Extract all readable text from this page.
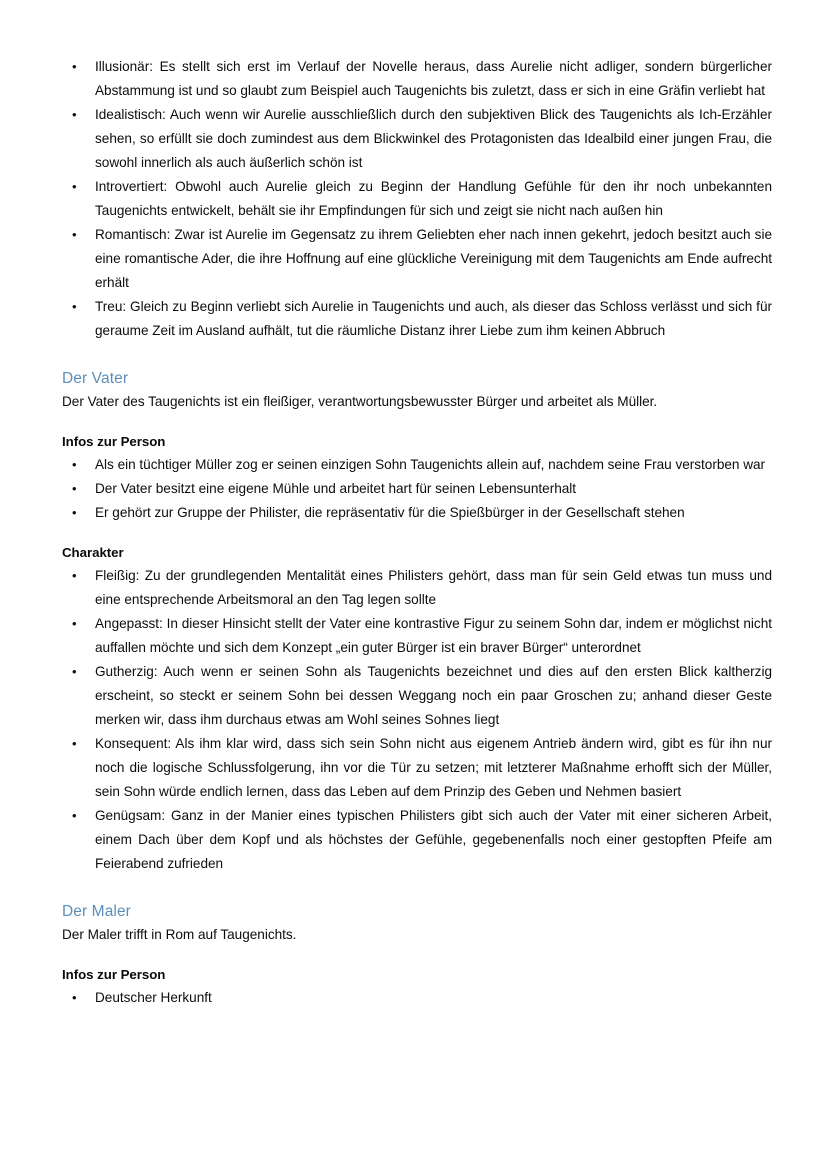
• Illusionär: Es stellt sich erst im Verlauf der Novelle heraus, dass Aurelie nicht adliger, sondern bürgerlicher Abstammung ist und so glaubt zum Beispiel auch Taugenichts bis zuletzt, dass er sich in eine Gräfin verliebt hat
• Idealistisch: Auch wenn wir Aurelie ausschließlich durch den subjektiven Blick des Taugenichts als Ich-Erzähler sehen, so erfüllt sie doch zumindest aus dem Blickwinkel des Protagonisten das Idealbild einer jungen Frau, die sowohl innerlich als auch äußerlich schön ist
• Introvertiert: Obwohl auch Aurelie gleich zu Beginn der Handlung Gefühle für den ihr noch unbekannten Taugenichts entwickelt, behält sie ihr Empfindungen für sich und zeigt sie nicht nach außen hin
• Romantisch: Zwar ist Aurelie im Gegensatz zu ihrem Geliebten eher nach innen gekehrt, jedoch besitzt auch sie eine romantische Ader, die ihre Hoffnung auf eine glückliche Vereinigung mit dem Taugenichts am Ende aufrecht erhält
• Treu: Gleich zu Beginn verliebt sich Aurelie in Taugenichts und auch, als dieser das Schloss verlässt und sich für geraume Zeit im Ausland aufhält, tut die räumliche Distanz ihrer Liebe zum ihm keinen Abbruch
Der Vater

Der Vater des Taugenichts ist ein fleißiger, verantwortungsbewusster Bürger und arbeitet als Müller.

Infos zur Person
• Als ein tüchtiger Müller zog er seinen einzigen Sohn Taugenichts allein auf, nachdem seine Frau verstorben war
• Der Vater besitzt eine eigene Mühle und arbeitet hart für seinen Lebensunterhalt
• Er gehört zur Gruppe der Philister, die repräsentativ für die Spießbürger in der Gesellschaft stehen
Charakter
• Fleißig: Zu der grundlegenden Mentalität eines Philisters gehört, dass man für sein Geld etwas tun muss und eine entsprechende Arbeitsmoral an den Tag legen sollte
• Angepasst: In dieser Hinsicht stellt der Vater eine kontrastive Figur zu seinem Sohn dar, indem er möglichst nicht auffallen möchte und sich dem Konzept „ein guter Bürger ist ein braver Bürger“ unterordnet
• Gutherzig: Auch wenn er seinen Sohn als Taugenichts bezeichnet und dies auf den ersten Blick kaltherzig erscheint, so steckt er seinem Sohn bei dessen Weggang noch ein paar Groschen zu; anhand dieser Geste merken wir, dass ihm durchaus etwas am Wohl seines Sohnes liegt
• Konsequent: Als ihm klar wird, dass sich sein Sohn nicht aus eigenem Antrieb ändern wird, gibt es für ihn nur noch die logische Schlussfolgerung, ihn vor die Tür zu setzen; mit letzterer Maßnahme erhofft sich der Müller, sein Sohn würde endlich lernen, dass das Leben auf dem Prinzip des Geben und Nehmen basiert
• Genügsam: Ganz in der Manier eines typischen Philisters gibt sich auch der Vater mit einer sicheren Arbeit, einem Dach über dem Kopf und als höchstes der Gefühle, gegebenenfalls noch einer gestopften Pfeife am Feierabend zufrieden
Der Maler

Der Maler trifft in Rom auf Taugenichts.

Infos zur Person
• Deutscher Herkunft
